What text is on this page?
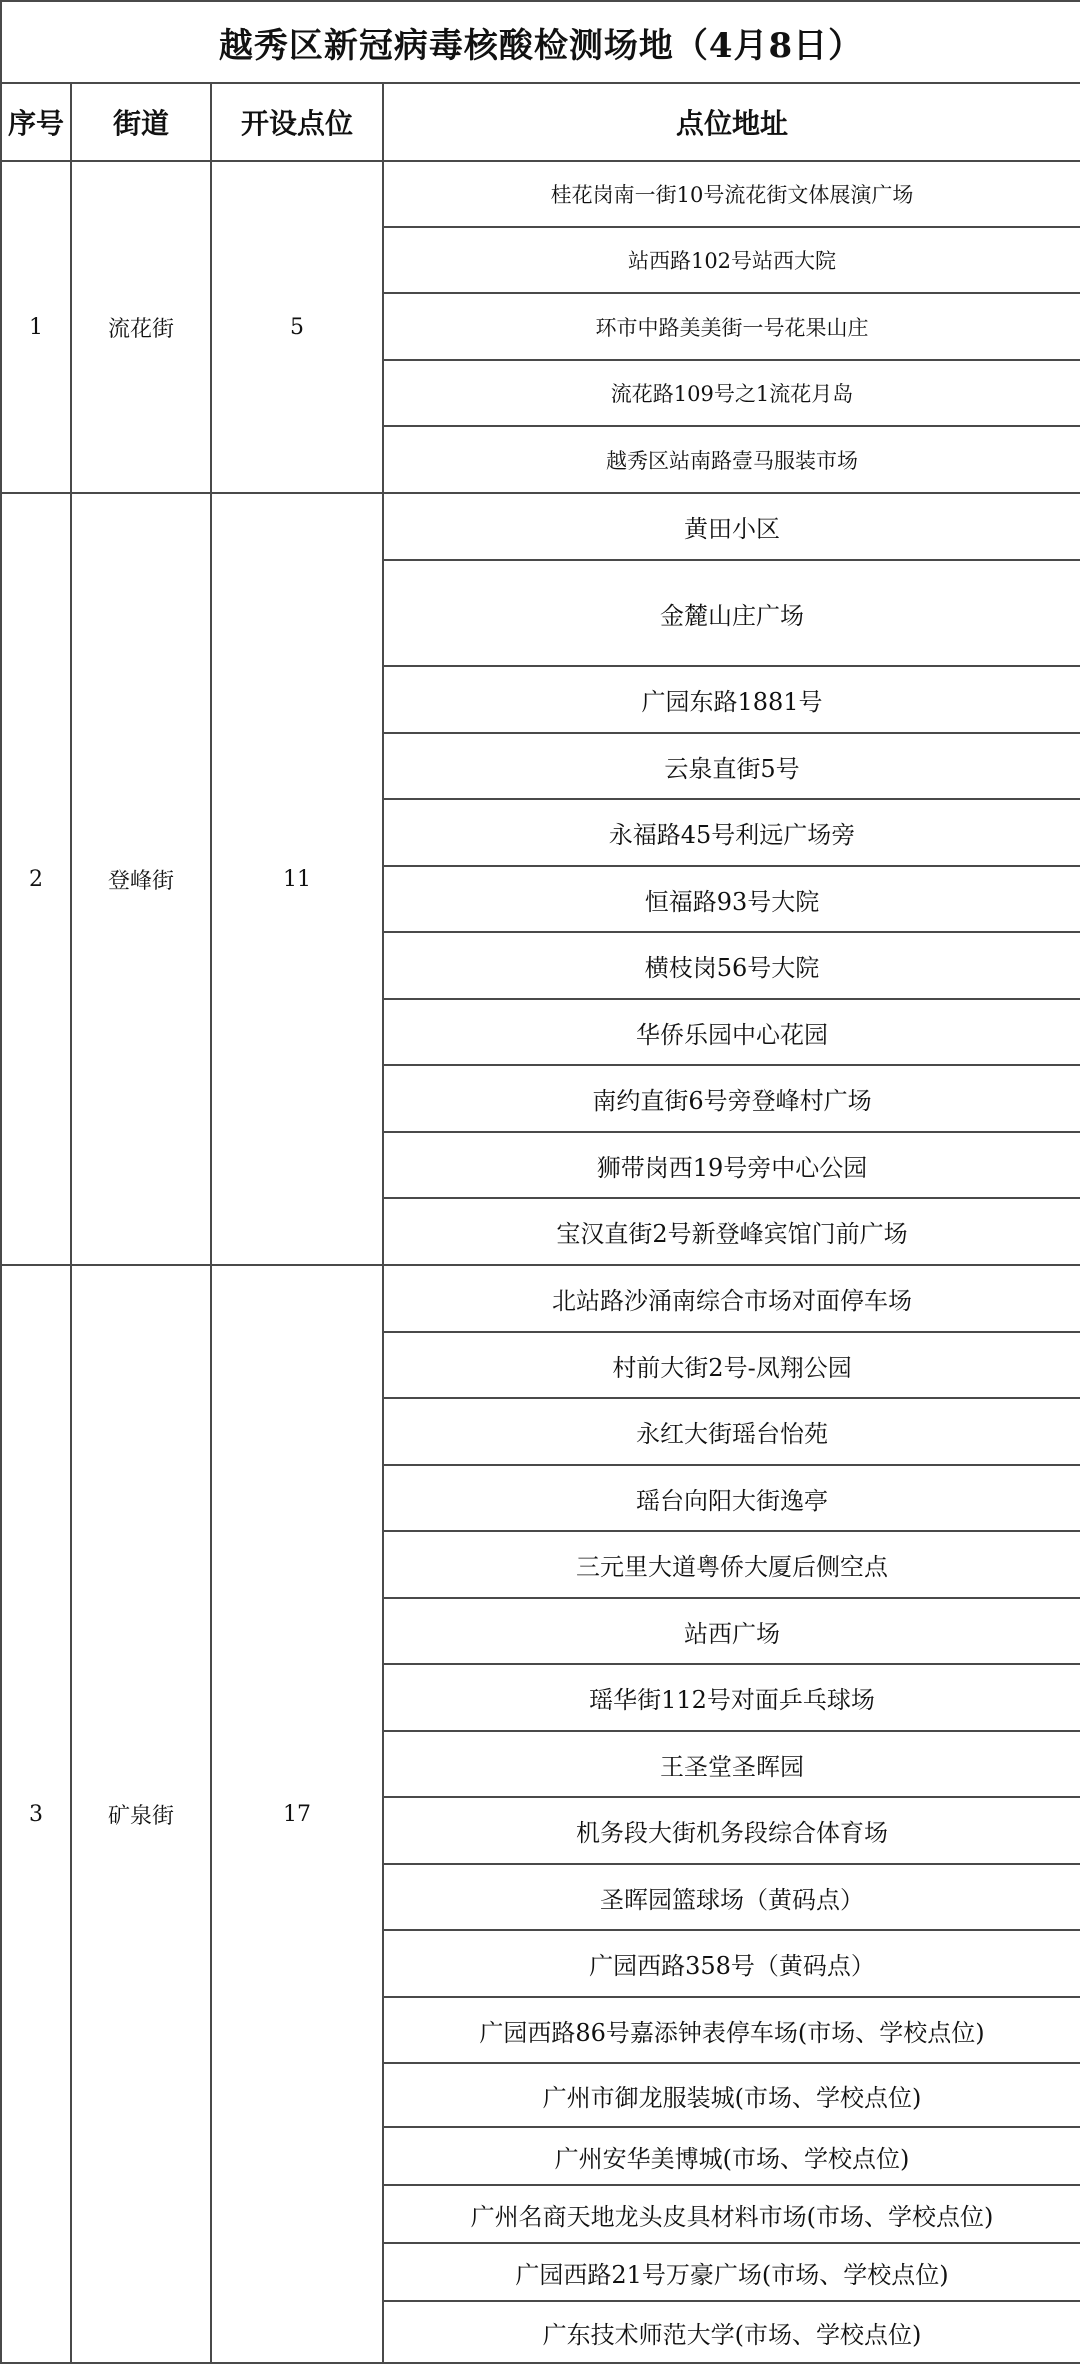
越秀区新冠病毒核酸检测场地（4月8日）			
序号	街道	开设点位	点位地址
1	流花街	5	桂花岗南一街10号流花街文体展演广场
			站西路102号站西大院
			环市中路美美街一号花果山庄
			流花路109号之1流花月岛
			越秀区站南路壹马服装市场
2	登峰街	11	黄田小区
			金麓山庄广场
			广园东路1881号
			云泉直街5号
			永福路45号利远广场旁
			恒福路93号大院
			横枝岗56号大院
			华侨乐园中心花园
			南约直街6号旁登峰村广场
			狮带岗西19号旁中心公园
			宝汉直街2号新登峰宾馆门前广场
3	矿泉街	17	北站路沙涌南综合市场对面停车场
			村前大街2号-凤翔公园
			永红大街瑶台怡苑
			瑶台向阳大街逸亭
			三元里大道粤侨大厦后侧空点
			站西广场
			瑶华街112号对面乒乓球场
			王圣堂圣晖园
			机务段大街机务段综合体育场
			圣晖园篮球场（黄码点）
			广园西路358号（黄码点）
			广园西路86号嘉添钟表停车场(市场、学校点位)
			广州市御龙服装城(市场、学校点位)
			广州安华美博城(市场、学校点位)
			广州名商天地龙头皮具材料市场(市场、学校点位)
			广园西路21号万豪广场(市场、学校点位)
			广东技术师范大学(市场、学校点位)
